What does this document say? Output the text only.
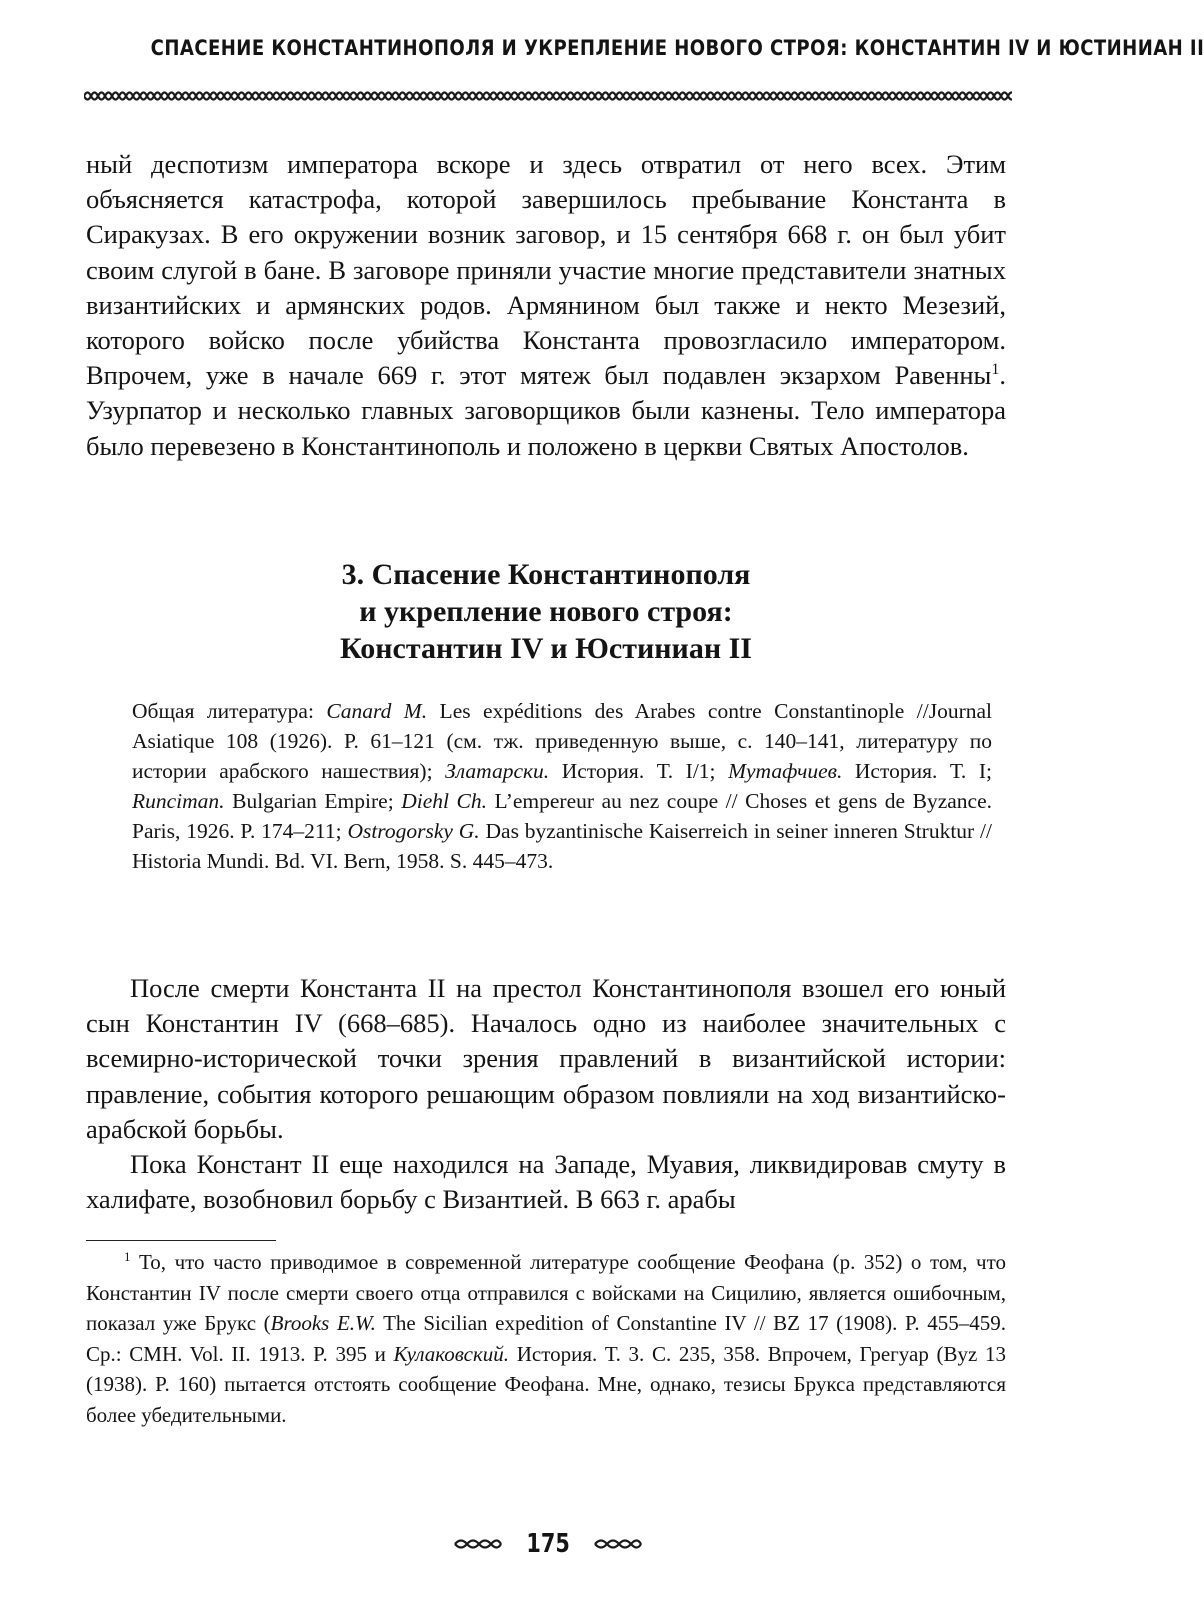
СПАСЕНИЕ КОНСТАНТИНОПОЛЯ И УКРЕПЛЕНИЕ НОВОГО СТРОЯ: КОНСТАНТИН IV И ЮСТИНИАН II

ный деспотизм императора вскоре и здесь отвратил от него всех. Этим объясняется катастрофа, которой завершилось пребывание Константа в Сиракузах. В его окружении возник заговор, и 15 сентября 668 г. он был убит своим слугой в бане. В заговоре приняли участие многие представители знатных византийских и армянских родов. Армянином был также и некто Мезезий, которого войско после убийства Константа провозгласило императором. Впрочем, уже в начале 669 г. этот мятеж был подавлен экзархом Равенны$^1$. Узурпатор и несколько главных заговорщиков были казнены. Тело императора было перевезено в Константинополь и положено в церкви Святых Апостолов.

3. Спасение Константинополя
и укрепление нового строя:
Константин IV и Юстиниан II

Общая литература: Canard M. Les expéditions des Arabes contre Constantinople //Journal Asiatique 108 (1926). P. 61–121 (см. тж. приведенную выше, с. 140–141, литературу по истории арабского нашествия); Златарски. История. Т. I/1; Мутафчиев. История. Т. I; Runciman. Bulgarian Empire; Diehl Ch. L’empereur au nez coupe // Choses et gens de Byzance. Paris, 1926. P. 174–211; Ostrogorsky G. Das byzantinische Kaiserreich in seiner inneren Struktur // Historia Mundi. Bd. VI. Bern, 1958. S. 445–473.

После смерти Константа II на престол Константинополя взошел его юный сын Константин IV (668–685). Началось одно из наиболее значительных с всемирно-исторической точки зрения правлений в византийской истории: правление, события которого решающим образом повлияли на ход византийско-арабской борьбы.

Пока Констант II еще находился на Западе, Муавия, ликвидировав смуту в халифате, возобновил борьбу с Византией. В 663 г. арабы

$^1$ То, что часто приводимое в современной литературе сообщение Феофана (p. 352) о том, что Константин IV после смерти своего отца отправился с войсками на Сицилию, является ошибочным, показал уже Брукс (Brooks E.W. The Sicilian expedition of Constantine IV // BZ 17 (1908). P. 455–459. Ср.: CMH. Vol. II. 1913. P. 395 и Кулаковский. История. Т. 3. С. 235, 358. Впрочем, Грегуар (Byz 13 (1938). P. 160) пытается отстоять сообщение Феофана. Мне, однако, тезисы Брукса представляются более убедительными.

175
